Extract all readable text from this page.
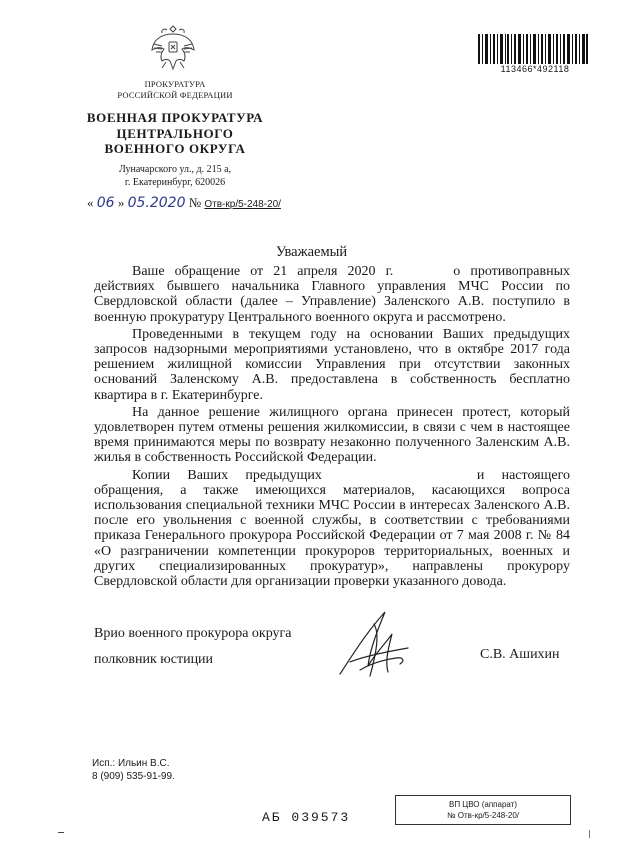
ПРОКУРАТУРА
РОССИЙСКОЙ ФЕДЕРАЦИИ
ВОЕННАЯ ПРОКУРАТУРА
ЦЕНТРАЛЬНОГО
ВОЕННОГО ОКРУГА
Луначарского ул., д. 215 а,
г. Екатеринбург, 620026
« 06 » 05.2020 № Отв-кр/5-248-20/
113466*492118
Уважаемый

Ваше обращение от 21 апреля 2020 г.	о противоправных действиях бывшего начальника Главного управления МЧС России по Свердловской области (далее – Управление) Заленского А.В. поступило в военную прокуратуру Центрального военного округа и рассмотрено.

Проведенными в текущем году на основании Ваших предыдущих запросов надзорными мероприятиями установлено, что в октябре 2017 года решением жилищной комиссии Управления при отсутствии законных оснований Заленскому А.В. предоставлена в собственность бесплатно квартира в г. Екатеринбурге.

На данное решение жилищного органа принесен протест, который удовлетворен путем отмены решения жилкомиссии, в связи с чем в настоящее время принимаются меры по возврату незаконно полученного Заленским А.В. жилья в собственность Российской Федерации.

Копии Ваших предыдущих	и настоящего обращения, а также имеющихся материалов, касающихся вопроса использования специальной техники МЧС России в интересах Заленского А.В. после его увольнения с военной службы, в соответствии с требованиями приказа Генерального прокурора Российской Федерации от 7 мая 2008 г. № 84 «О разграничении компетенции прокуроров территориальных, военных и других специализированных прокуратур», направлены прокурору Свердловской области для организации проверки указанного довода.

Врио военного прокурора округа
полковник юстиции	С.В. Ашихин
Исп.: Ильин В.С.
8 (909) 535-91-99.
АБ 039573
ВП ЦВО (аппарат)
№ Отв-кр/5-248-20/
